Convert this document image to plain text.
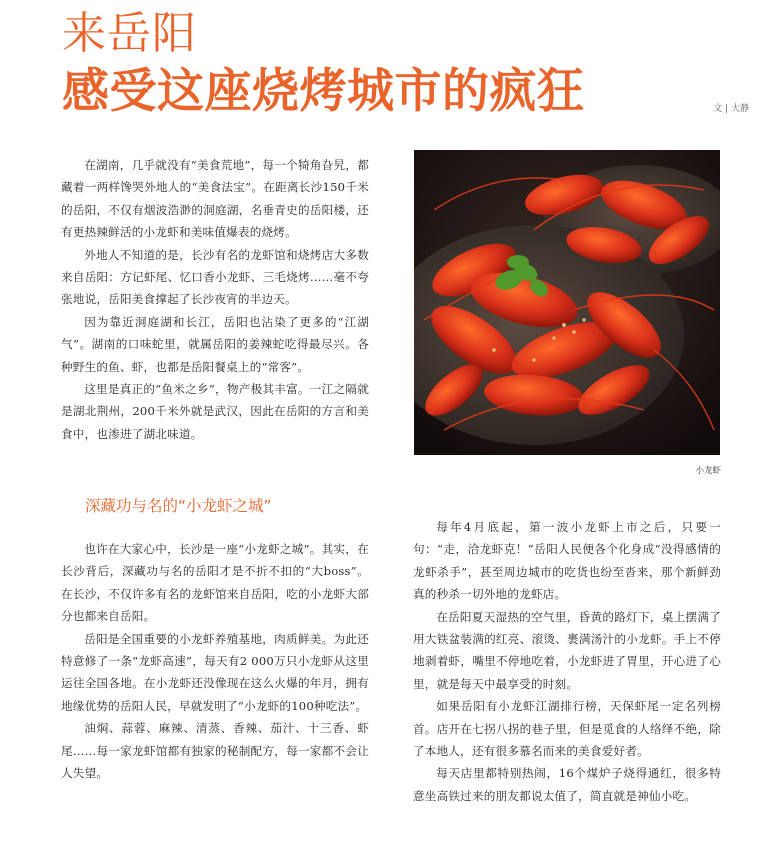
来岳阳
感受这座烧烤城市的疯狂	文 | 大静

在湖南，几乎就没有“美食荒地”，每一个犄角旮旯，都藏着一两样馋哭外地人的“美食法宝”。在距离长沙150千米的岳阳，不仅有烟波浩渺的洞庭湖，名垂青史的岳阳楼，还有更热辣鲜活的小龙虾和美味值爆表的烧烤。

外地人不知道的是，长沙有名的龙虾馆和烧烤店大多数来自岳阳：方记虾尾、忆口香小龙虾、三毛烧烤……毫不夸张地说，岳阳美食撑起了长沙夜宵的半边天。

因为靠近洞庭湖和长江，岳阳也沾染了更多的“江湖气”。湖南的口味蛇里，就属岳阳的姜辣蛇吃得最尽兴。各种野生的鱼、虾，也都是岳阳餐桌上的“常客”。

这里是真正的“鱼米之乡”，物产极其丰富。一江之隔就是湖北荆州，200千米外就是武汉，因此在岳阳的方言和美食中，也渗进了湖北味道。

小龙虾
深藏功与名的“小龙虾之城”

也许在大家心中，长沙是一座“小龙虾之城”。其实，在长沙背后，深藏功与名的岳阳才是不折不扣的“大boss”。在长沙，不仅许多有名的龙虾馆来自岳阳，吃的小龙虾大部分也都来自岳阳。

岳阳是全国重要的小龙虾养殖基地，肉质鲜美。为此还特意修了一条“龙虾高速”，每天有2 000万只小龙虾从这里运往全国各地。在小龙虾还没像现在这么火爆的年月，拥有地缘优势的岳阳人民，早就发明了“小龙虾的100种吃法”。

油焖、蒜蓉、麻辣、清蒸、香辣、茄汁、十三香、虾尾……每一家龙虾馆都有独家的秘制配方，每一家都不会让人失望。

每年4月底起，第一波小龙虾上市之后，只要一句：“走，洽龙虾克！”岳阳人民便各个化身成“没得感情的龙虾杀手”，甚至周边城市的吃货也纷至沓来，那个新鲜劲真的秒杀一切外地的龙虾店。

在岳阳夏天湿热的空气里，昏黄的路灯下，桌上摆满了用大铁盆装满的红亮、滚烫、裹满汤汁的小龙虾。手上不停地剥着虾，嘴里不停地吃着，小龙虾进了胃里，开心进了心里，就是每天中最享受的时刻。

如果岳阳有小龙虾江湖排行榜，天保虾尾一定名列榜首。店开在七拐八拐的巷子里，但是觅食的人络绎不绝，除了本地人，还有很多慕名而来的美食爱好者。

每天店里都特别热闹，16个煤炉子烧得通红，很多特意坐高铁过来的朋友都说太值了，简直就是神仙小吃。
